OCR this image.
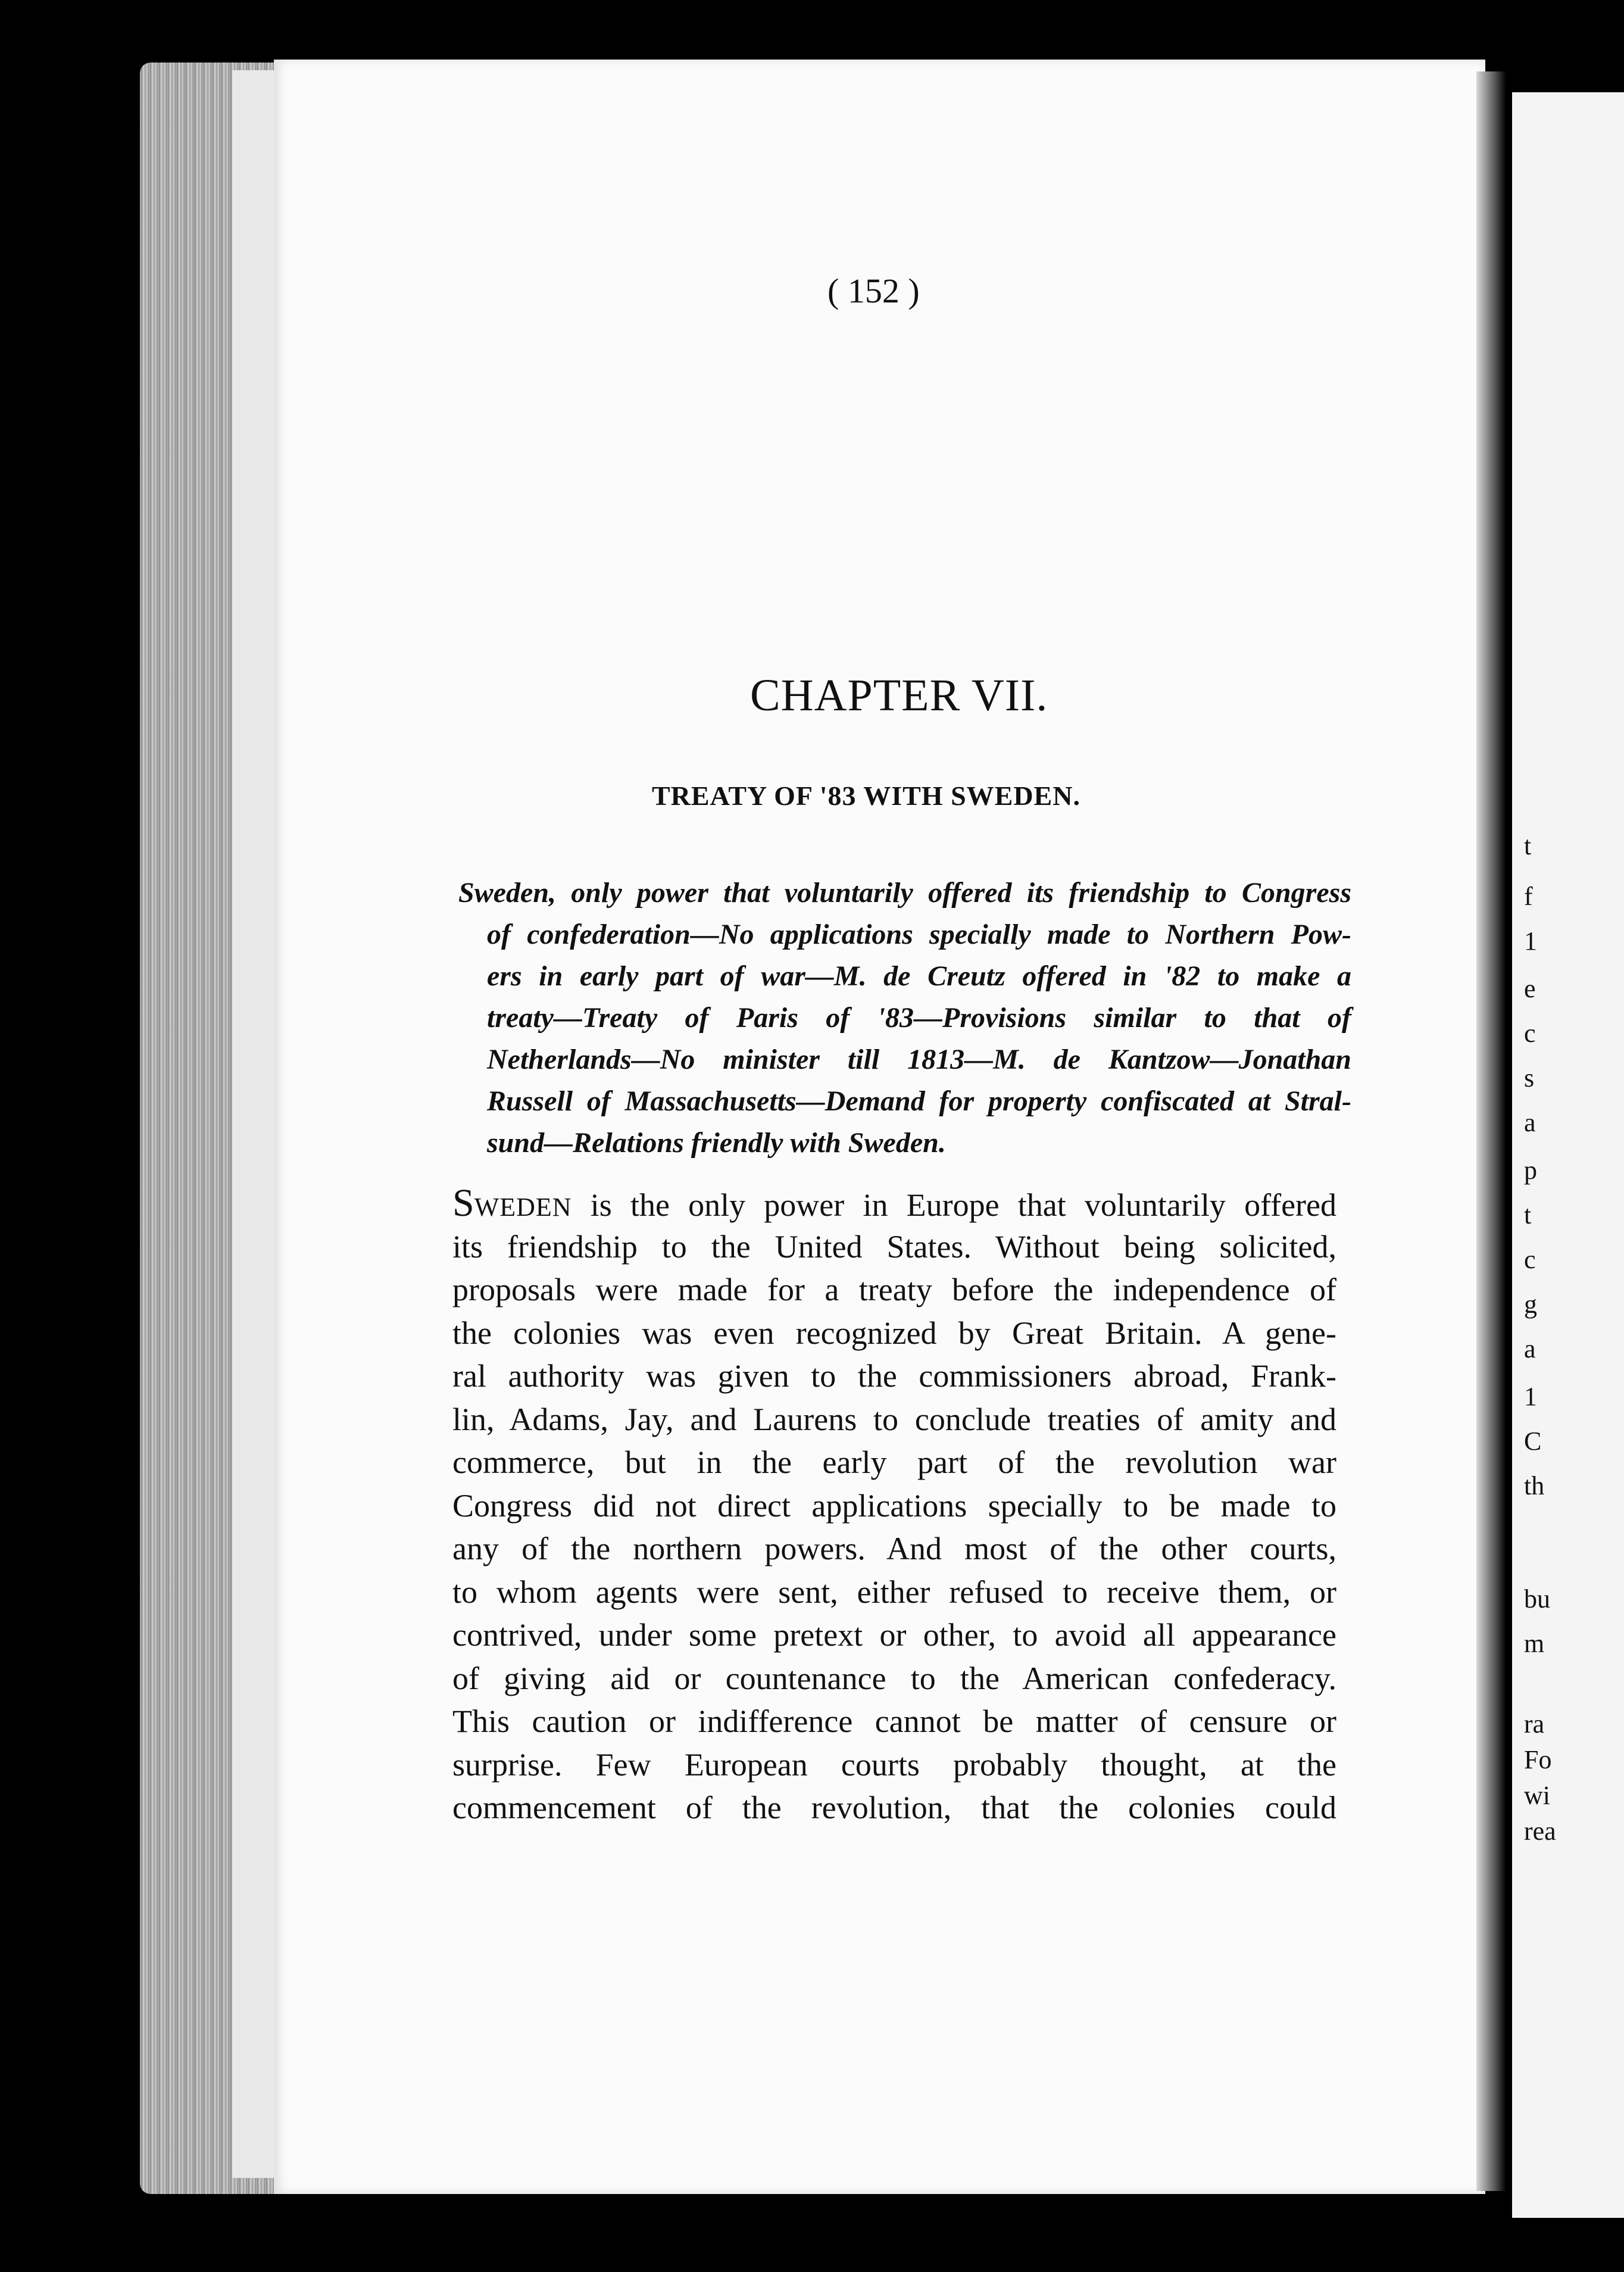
t
f
1
e
c
s
a
p
t
c
g
a
1
C
th
bu
m
ra
Fo
wi
rea
( 152 )
CHAPTER VII.
TREATY OF '83 WITH SWEDEN.
Sweden, only power that voluntarily offered its friendship to Congress
of confederation—No applications specially made to Northern Pow-
ers in early part of war—M. de Creutz offered in '82 to make a
treaty—Treaty of Paris of '83—Provisions similar to that of
Netherlands—No minister till 1813—M. de Kantzow—Jonathan
Russell of Massachusetts—Demand for property confiscated at Stral-
sund—Relations friendly with Sweden.
SWEDEN is the only power in Europe that voluntarily offered
its friendship to the United States. Without being solicited,
proposals were made for a treaty before the independence of
the colonies was even recognized by Great Britain. A gene-
ral authority was given to the commissioners abroad, Frank-
lin, Adams, Jay, and Laurens to conclude treaties of amity and
commerce, but in the early part of the revolution war
Congress did not direct applications specially to be made to
any of the northern powers. And most of the other courts,
to whom agents were sent, either refused to receive them, or
contrived, under some pretext or other, to avoid all appearance
of giving aid or countenance to the American confederacy.
This caution or indifference cannot be matter of censure or
surprise. Few European courts probably thought, at the
commencement of the revolution, that the colonies could
